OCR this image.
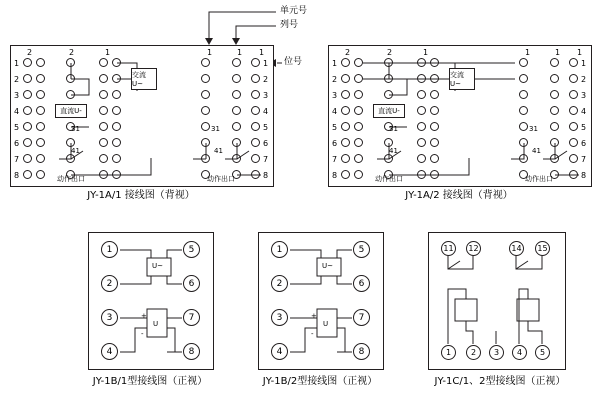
单元号
列号
位号
2	2	1	1	1 1
1
2
3
4
5
6
7
8
1
2
3
4
5
6
7
8
31
41
31
41
交流U~
直流U-
动作出口	动作出口
JY-1A/1 接线图（背视）
2	2	1	1	1 1
1
2
3
4
5
6
7
8
1
2
3
4
5
6
7
8
31
41
31
41
交流U~
直流U-
动作出口	动作出口
JY-1A/2 接线图（背视）
1
2
3
4
5
6
7
8
U~
+
U
-
JY-1B/1型接线图（正视）
1
2
3
4
5
6
7
8
U~
+
U
-
JY-1B/2型接线图（正视）
11	12	14	15
1	2	3	4	5
JY-1C/1、2型接线图（正视）
